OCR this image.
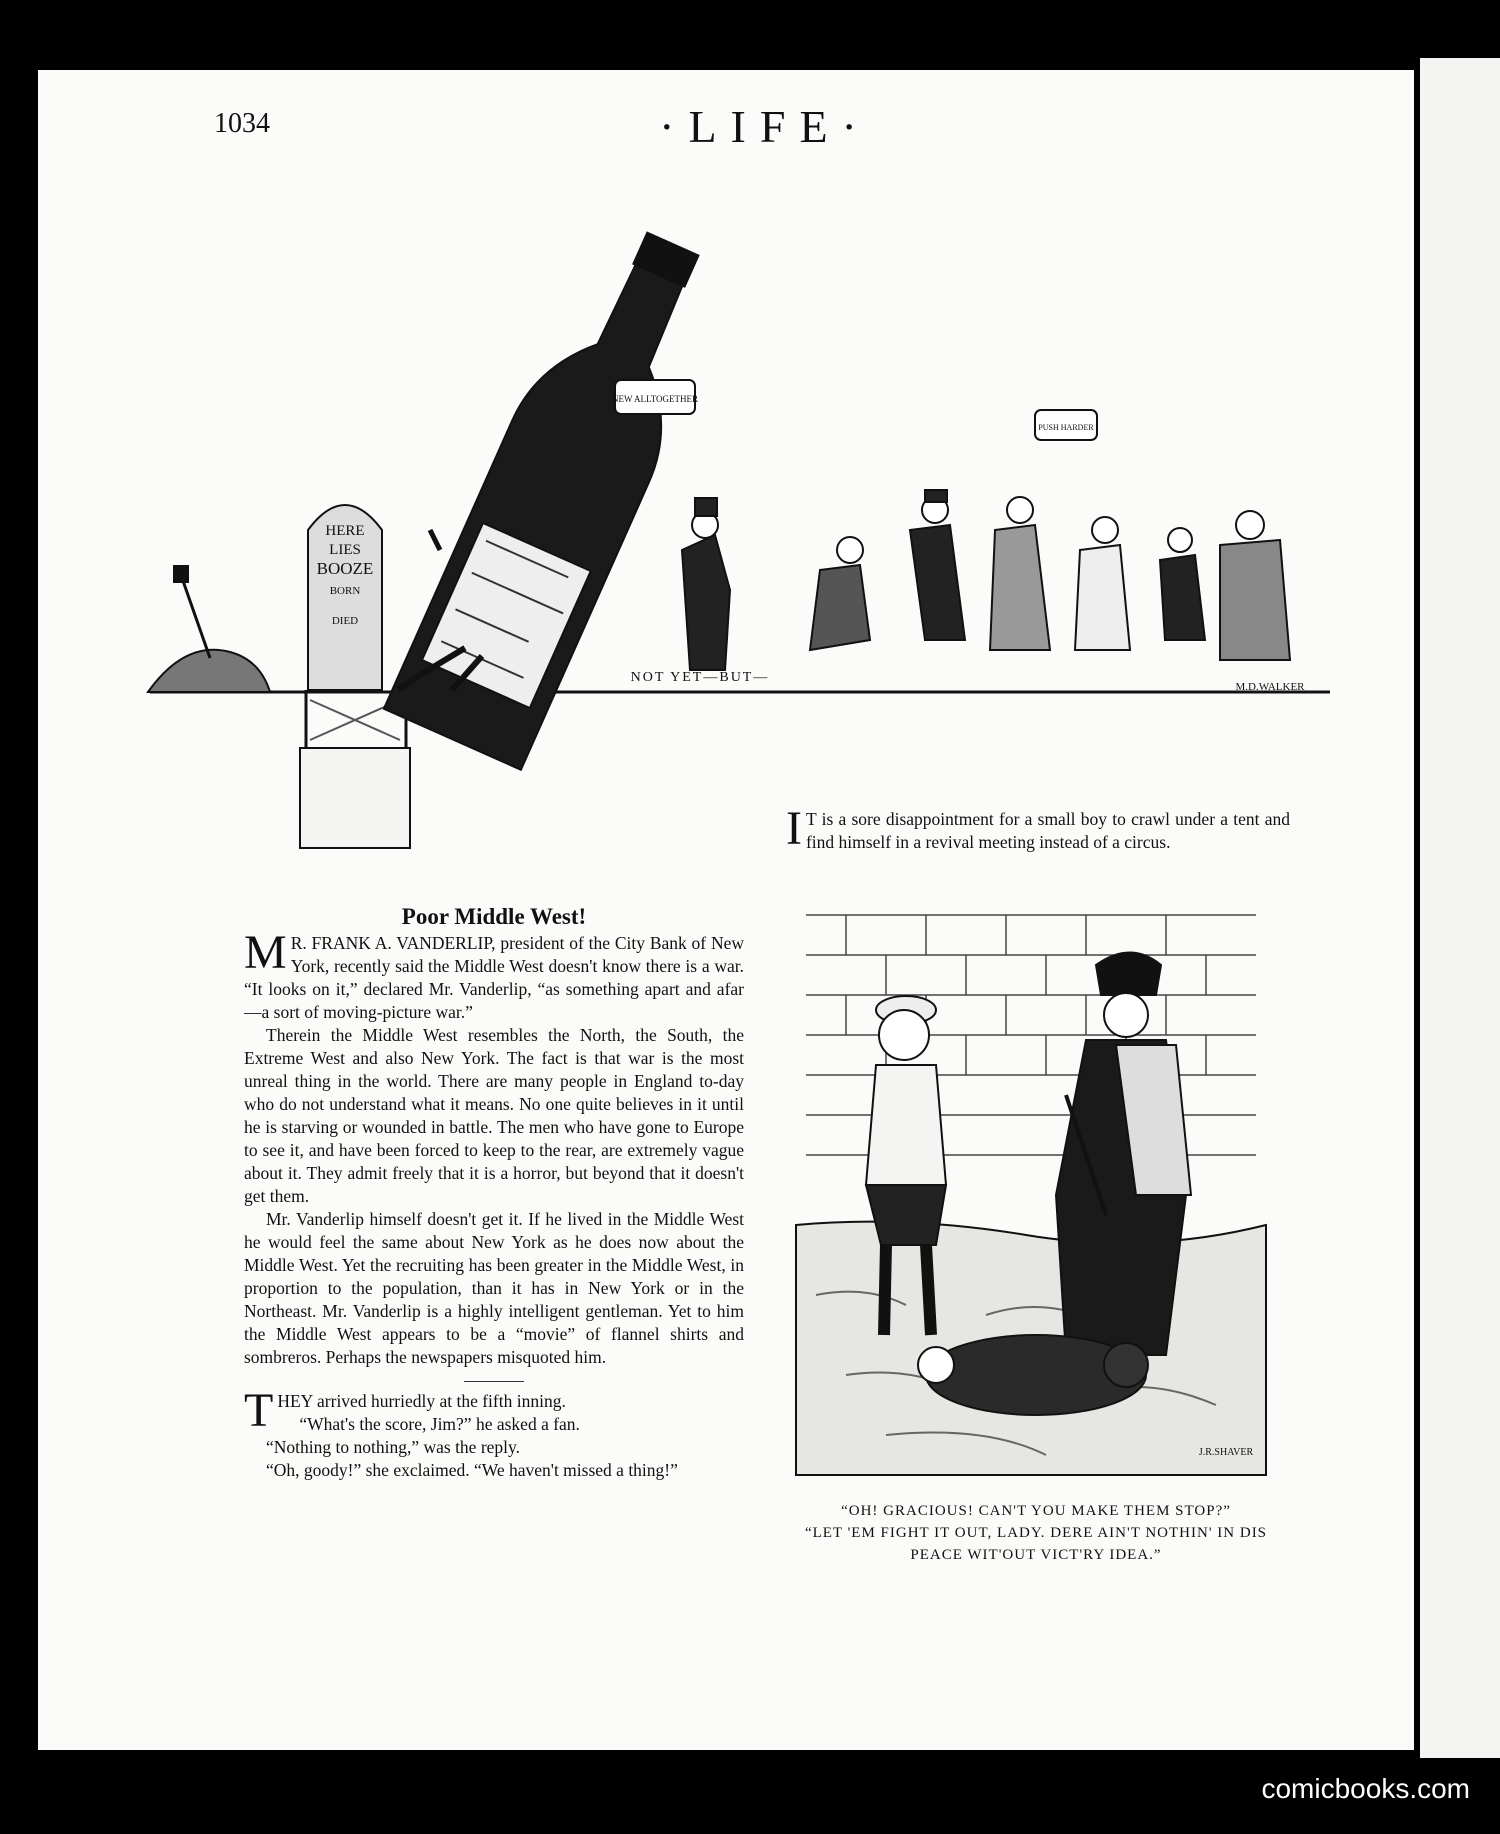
1034	·LIFE·
HERE
LIES
BOOZE
BORN
DIED
NEW ALLTOGETHER
PUSH HARDER
M.D.WALKER
NOT YET—BUT—

I T is a sore disappointment for a small boy to crawl under a tent and find himself in a revival meeting instead of a circus.

Poor Middle West!

M R. FRANK A. VANDERLIP, president of the City Bank of New York, recently said the Middle West doesn't know there is a war. “It looks on it,” declared Mr. Vanderlip, “as something apart and afar—a sort of moving-picture war.”

Therein the Middle West resembles the North, the South, the Extreme West and also New York. The fact is that war is the most unreal thing in the world. There are many people in England to-day who do not understand what it means. No one quite believes in it until he is starving or wounded in battle. The men who have gone to Europe to see it, and have been forced to keep to the rear, are extremely vague about it. They admit freely that it is a horror, but beyond that it doesn't get them.

Mr. Vanderlip himself doesn't get it. If he lived in the Middle West he would feel the same about New York as he does now about the Middle West. Yet the recruiting has been greater in the Middle West, in proportion to the population, than it has in New York or in the Northeast. Mr. Vanderlip is a highly intelligent gentleman. Yet to him the Middle West appears to be a “movie” of flannel shirts and sombreros. Perhaps the newspapers misquoted him.

THEY arrived hurriedly at the fifth inning.

“What's the score, Jim?” he asked a fan.

“Nothing to nothing,” was the reply.

“Oh, goody!” she exclaimed. “We haven't missed a thing!”

J.R.SHAVER
“OH! GRACIOUS! CAN'T YOU MAKE THEM STOP?”
“LET 'EM FIGHT IT OUT, LADY. DERE AIN'T NOTHIN' IN DIS
PEACE WIT'OUT VICT'RY IDEA.”
comicbooks.com
